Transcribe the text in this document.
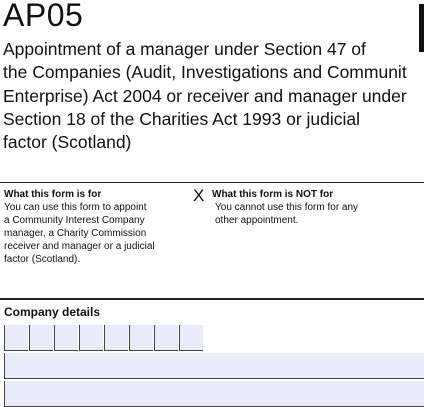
AP05
Appointment of a manager under Section 47 of
the Companies (Audit, Investigations and Communit
Enterprise) Act 2004 or receiver and manager under
Section 18 of the Charities Act 1993 or judicial
factor (Scotland)
What this form is for
You can use this form to appoint
a Community Interest Company
manager, a Charity Commission
receiver and manager or a judicial
factor (Scotland).
X What this form is NOT for
You cannot use this form for any
other appointment.
Company details
